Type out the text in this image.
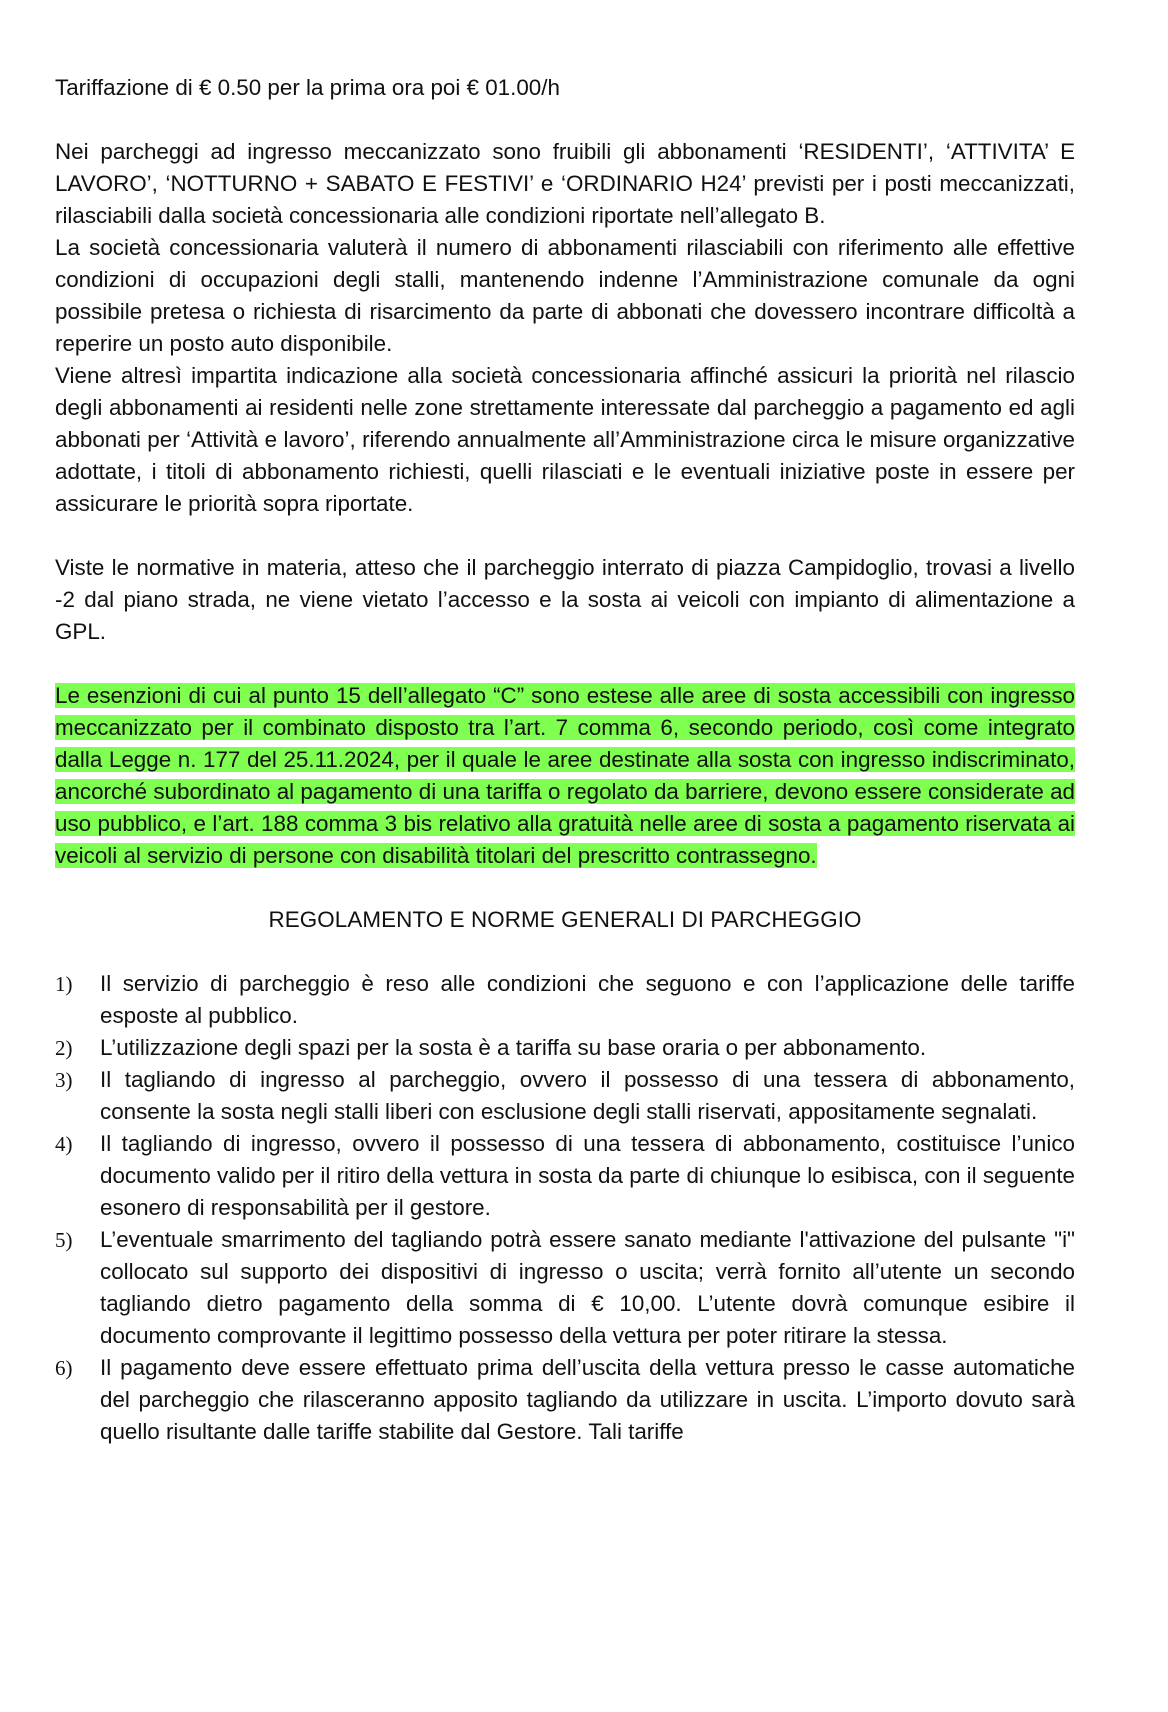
Tariffazione di € 0.50 per la prima ora poi € 01.00/h

Nei parcheggi ad ingresso meccanizzato sono fruibili gli abbonamenti ‘RESIDENTI’, ‘ATTIVITA’ E LAVORO’, ‘NOTTURNO + SABATO E FESTIVI’ e ‘ORDINARIO H24’ previsti per i posti meccanizzati, rilasciabili dalla società concessionaria alle condizioni riportate nell’allegato B.

La società concessionaria valuterà il numero di abbonamenti rilasciabili con riferimento alle effettive condizioni di occupazioni degli stalli, mantenendo indenne l’Amministrazione comunale da ogni possibile pretesa o richiesta di risarcimento da parte di abbonati che dovessero incontrare difficoltà a reperire un posto auto disponibile.

Viene altresì impartita indicazione alla società concessionaria affinché assicuri la priorità nel rilascio degli abbonamenti ai residenti nelle zone strettamente interessate dal parcheggio a pagamento ed agli abbonati per ‘Attività e lavoro’, riferendo annualmente all’Amministrazione circa le misure organizzative adottate, i titoli di abbonamento richiesti, quelli rilasciati e le eventuali iniziative poste in essere per assicurare le priorità sopra riportate.

Viste le normative in materia, atteso che il parcheggio interrato di piazza Campidoglio, trovasi a livello -2 dal piano strada, ne viene vietato l’accesso e la sosta ai veicoli con impianto di alimentazione a GPL.

Le esenzioni di cui al punto 15 dell’allegato “C” sono estese alle aree di sosta accessibili con ingresso meccanizzato per il combinato disposto tra l’art. 7 comma 6, secondo periodo, così come integrato dalla Legge n. 177 del 25.11.2024, per il quale le aree destinate alla sosta con ingresso indiscriminato, ancorché subordinato al pagamento di una tariffa o regolato da barriere, devono essere considerate ad uso pubblico, e l’art. 188 comma 3 bis relativo alla gratuità nelle aree di sosta a pagamento riservata ai veicoli al servizio di persone con disabilità titolari del prescritto contrassegno.

REGOLAMENTO E NORME GENERALI DI PARCHEGGIO

1) Il servizio di parcheggio è reso alle condizioni che seguono e con l’applicazione delle tariffe esposte al pubblico.
2) L’utilizzazione degli spazi per la sosta è a tariffa su base oraria o per abbonamento.
3) Il tagliando di ingresso al parcheggio, ovvero il possesso di una tessera di abbonamento, consente la sosta negli stalli liberi con esclusione degli stalli riservati, appositamente segnalati.
4) Il tagliando di ingresso, ovvero il possesso di una tessera di abbonamento, costituisce l’unico documento valido per il ritiro della vettura in sosta da parte di chiunque lo esibisca, con il seguente esonero di responsabilità per il gestore.
5) L’eventuale smarrimento del tagliando potrà essere sanato mediante l'attivazione del pulsante "i" collocato sul supporto dei dispositivi di ingresso o uscita; verrà fornito all’utente un secondo tagliando dietro pagamento della somma di € 10,00. L’utente dovrà comunque esibire il documento comprovante il legittimo possesso della vettura per poter ritirare la stessa.
6) Il pagamento deve essere effettuato prima dell’uscita della vettura presso le casse automatiche del parcheggio che rilasceranno apposito tagliando da utilizzare in uscita. L’importo dovuto sarà quello risultante dalle tariffe stabilite dal Gestore. Tali tariffe
